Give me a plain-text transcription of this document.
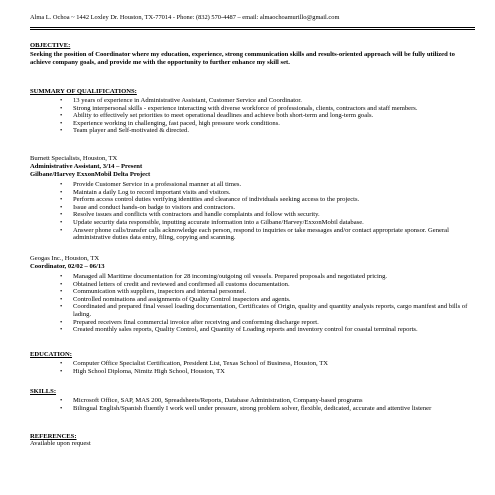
Alma L. Ochoa ~ 1442 Loxley Dr. Houston, TX-77014 - Phone: (832) 570-4487 – email: almaochoamurillo@gmail.com
OBJECTIVE:
Seeking the position of Coordinator where my education, experience, strong communication skills and results-oriented approach will be fully utilized to achieve company goals, and provide me with the opportunity to further enhance my skill set.
SUMMARY OF QUALIFICATIONS:
• 13 years of experience in Administrative Assistant, Customer Service and Coordinator.
• Strong interpersonal skills - experience interacting with diverse workforce of professionals, clients, contractors and staff members.
• Ability to effectively set priorities to meet operational deadlines and achieve both short-term and long-term goals.
• Experience working in challenging, fast paced, high pressure work conditions.
• Team player and Self-motivated & directed.
Burnett Specialists, Houston, TX
Administrative Assistant, 3/14 – Present
Gilbane/Harvey ExxonMobil Delta Project
• Provide Customer Service in a professional manner at all times.
• Maintain a daily Log to record important visits and visitors.
• Perform access control duties verifying identities and clearance of individuals seeking access to the projects.
• Issue and conduct hands-on badge to visitors and contractors.
• Resolve issues and conflicts with contractors and handle complaints and follow with security.
• Update security data responsible, inputting accurate information into a Gilbane/Harvey/ExxonMobil database.
• Answer phone calls/transfer calls acknowledge each person, respond to inquiries or take messages and/or contact appropriate sponsor. General administrative duties data entry, filing, copying and scanning.
Geogas Inc., Houston, TX
Coordinator, 02/02 – 06/13
• Managed all Maritime documentation for 28 incoming/outgoing oil vessels. Prepared proposals and negotiated pricing.
• Obtained letters of credit and reviewed and confirmed all customs documentation.
• Communication with suppliers, inspectors and internal personnel.
• Controlled nominations and assignments of Quality Control inspectors and agents.
• Coordinated and prepared final vessel loading documentation, Certificates of Origin, quality and quantity analysis reports, cargo manifest and bills of lading.
• Prepared receivers final commercial invoice after receiving and conforming discharge report.
• Created monthly sales reports, Quality Control, and Quantity of Loading reports and inventory control for coastal terminal reports.
EDUCATION:
• Computer Office Specialist Certification, President List, Texas School of Business, Houston, TX
• High School Diploma, Nimitz High School, Houston, TX
SKILLS:
• Microsoft Office, SAP, MAS 200, Spreadsheets/Reports, Database Administration, Company-based programs
• Bilingual English/Spanish fluently I work well under pressure, strong problem solver, flexible, dedicated, accurate and attentive listener
REFERENCES:
Available upon request
